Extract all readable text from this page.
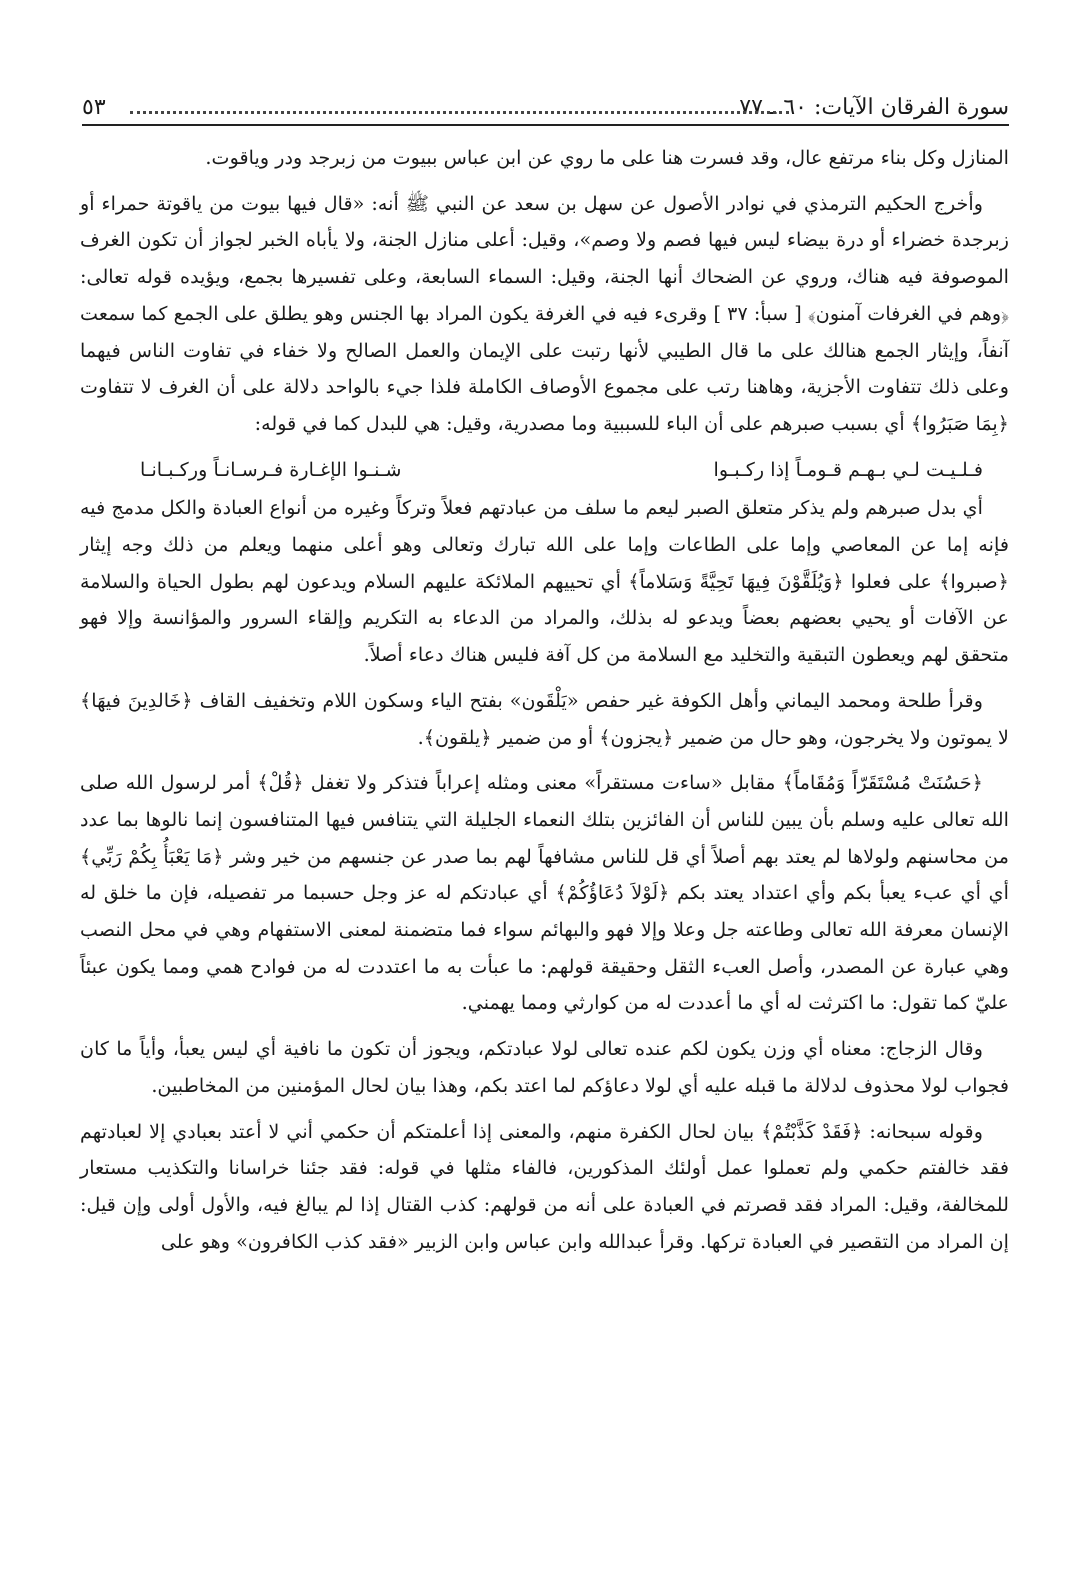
سورة الفرقان الآيات: ٦٠ ـ ٧٧
٥٣

المنازل وكل بناء مرتفع عال، وقد فسرت هنا على ما روي عن ابن عباس ببيوت من زبرجد ودر وياقوت.

وأخرج الحكيم الترمذي في نوادر الأصول عن سهل بن سعد عن النبي ﷺ أنه: «قال فيها بيوت من ياقوتة حمراء أو زبرجدة خضراء أو درة بيضاء ليس فيها فصم ولا وصم»، وقيل: أعلى منازل الجنة، ولا يأباه الخبر لجواز أن تكون الغرف الموصوفة فيه هناك، وروي عن الضحاك أنها الجنة، وقيل: السماء السابعة، وعلى تفسيرها بجمع، ويؤيده قوله تعالى: ﴿وهم في الغرفات آمنون﴾ [ سبأ: ٣٧ ] وقرىء فيه في الغرفة يكون المراد بها الجنس وهو يطلق على الجمع كما سمعت آنفاً، وإيثار الجمع هنالك على ما قال الطيبي لأنها رتبت على الإيمان والعمل الصالح ولا خفاء في تفاوت الناس فيهما وعلى ذلك تتفاوت الأجزية، وهاهنا رتب على مجموع الأوصاف الكاملة فلذا جيء بالواحد دلالة على أن الغرف لا تتفاوت ﴿بِمَا صَبَرُوا﴾ أي بسبب صبرهم على أن الباء للسببية وما مصدرية، وقيل: هي للبدل كما في قوله:

فـلـيـت لـي بـهـم قـومـاً إذا ركـبـوا
شـنـوا الإغـارة فـرسـانـاً وركـبـانـا

أي بدل صبرهم ولم يذكر متعلق الصبر ليعم ما سلف من عبادتهم فعلاً وتركاً وغيره من أنواع العبادة والكل مدمج فيه فإنه إما عن المعاصي وإما على الطاعات وإما على الله تبارك وتعالى وهو أعلى منهما ويعلم من ذلك وجه إيثار ﴿صبروا﴾ على فعلوا ﴿وَيُلَقَّوْنَ فِيهَا تَحِيَّةً وَسَلاماً﴾ أي تحييهم الملائكة عليهم السلام ويدعون لهم بطول الحياة والسلامة عن الآفات أو يحيي بعضهم بعضاً ويدعو له بذلك، والمراد من الدعاء به التكريم وإلقاء السرور والمؤانسة وإلا فهو متحقق لهم ويعطون التبقية والتخليد مع السلامة من كل آفة فليس هناك دعاء أصلاً.

وقرأ طلحة ومحمد اليماني وأهل الكوفة غير حفص «يَلْقَون» بفتح الياء وسكون اللام وتخفيف القاف ﴿خَالدِينَ فيهَا﴾ لا يموتون ولا يخرجون، وهو حال من ضمير ﴿يجزون﴾ أو من ضمير ﴿يلقون﴾.

﴿حَسُنَتْ مُسْتَقَرّاً وَمُقَاماً﴾ مقابل «ساءت مستقراً» معنى ومثله إعراباً فتذكر ولا تغفل ﴿قُلْ﴾ أمر لرسول الله صلى الله تعالى عليه وسلم بأن يبين للناس أن الفائزين بتلك النعماء الجليلة التي يتنافس فيها المتنافسون إنما نالوها بما عدد من محاسنهم ولولاها لم يعتد بهم أصلاً أي قل للناس مشافهاً لهم بما صدر عن جنسهم من خير وشر ﴿مَا يَعْبَأُ بِكُمْ رَبِّي﴾ أي أي عبء يعبأ بكم وأي اعتداد يعتد بكم ﴿لَوْلاَ دُعَاؤُكُمْ﴾ أي عبادتكم له عز وجل حسبما مر تفصيله، فإن ما خلق له الإنسان معرفة الله تعالى وطاعته جل وعلا وإلا فهو والبهائم سواء فما متضمنة لمعنى الاستفهام وهي في محل النصب وهي عبارة عن المصدر، وأصل العبء الثقل وحقيقة قولهم: ما عبأت به ما اعتددت له من فوادح همي ومما يكون عبئاً عليّ كما تقول: ما اكترثت له أي ما أعددت له من كوارثي ومما يهمني.

وقال الزجاج: معناه أي وزن يكون لكم عنده تعالى لولا عبادتكم، ويجوز أن تكون ما نافية أي ليس يعبأ، وأياً ما كان فجواب لولا محذوف لدلالة ما قبله عليه أي لولا دعاؤكم لما اعتد بكم، وهذا بيان لحال المؤمنين من المخاطبين.

وقوله سبحانه: ﴿فَقَدْ كَذَّبْتُمْ﴾ بيان لحال الكفرة منهم، والمعنى إذا أعلمتكم أن حكمي أني لا أعتد بعبادي إلا لعبادتهم فقد خالفتم حكمي ولم تعملوا عمل أولئك المذكورين، فالفاء مثلها في قوله: فقد جئنا خراسانا والتكذيب مستعار للمخالفة، وقيل: المراد فقد قصرتم في العبادة على أنه من قولهم: كذب القتال إذا لم يبالغ فيه، والأول أولى وإن قيل: إن المراد من التقصير في العبادة تركها. وقرأ عبدالله وابن عباس وابن الزبير «فقد كذب الكافرون» وهو على
